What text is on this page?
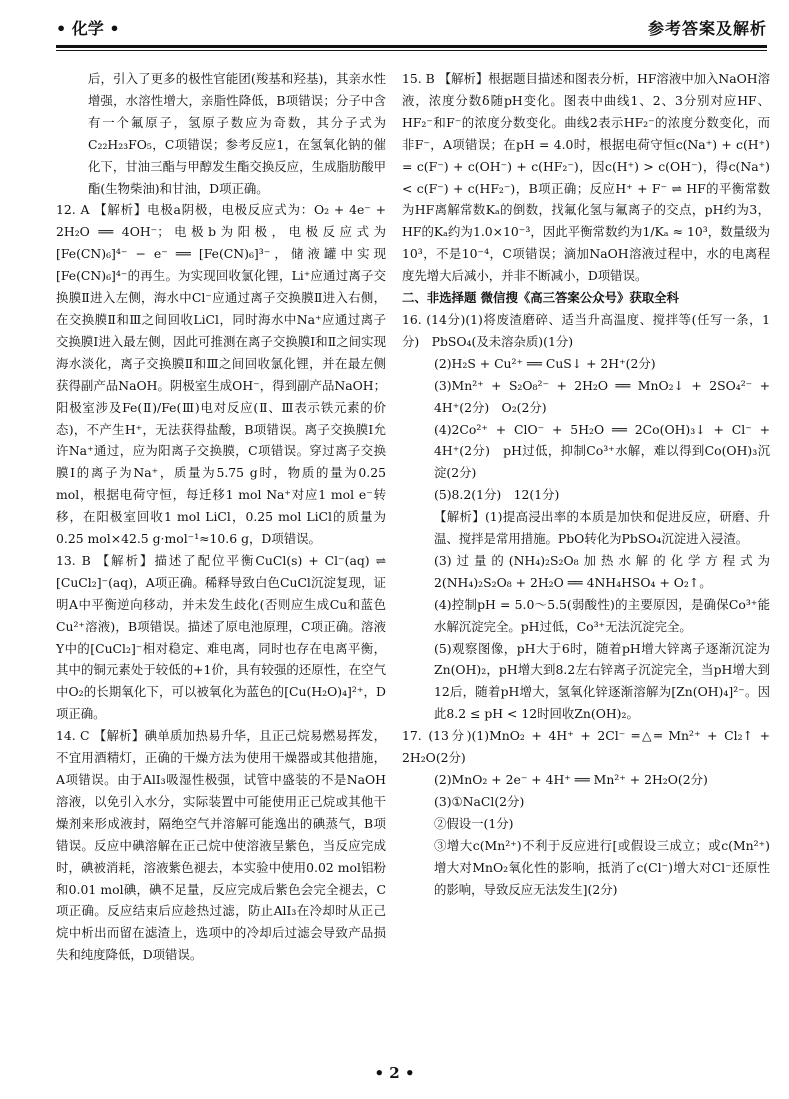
• 化学 •	参考答案及解析

后，引入了更多的极性官能团(羧基和羟基)，其亲水性增强，水溶性增大，亲脂性降低，B项错误；分子中含有一个氟原子，氢原子数应为奇数，其分子式为C₂₂H₂₃FO₅，C项错误；参考反应1，在氢氧化钠的催化下，甘油三酯与甲醇发生酯交换反应，生成脂肪酸甲酯(生物柴油)和甘油，D项正确。

12. A 【解析】电极a阴极，电极反应式为：O₂ + 4e⁻ + 2H₂O ══ 4OH⁻；电极b为阳极，电极反应式为[Fe(CN)₆]⁴⁻ − e⁻ ══ [Fe(CN)₆]³⁻，储液罐中实现[Fe(CN)₆]⁴⁻的再生。为实现回收氯化锂，Li⁺应通过离子交换膜Ⅱ进入左侧，海水中Cl⁻应通过离子交换膜Ⅱ进入右侧，在交换膜Ⅱ和Ⅲ之间回收LiCl，同时海水中Na⁺应通过离子交换膜Ⅰ进入最左侧，因此可推测在离子交换膜Ⅰ和Ⅱ之间实现海水淡化，离子交换膜Ⅱ和Ⅲ之间回收氯化锂，并在最左侧获得副产品NaOH。阴极室生成OH⁻，得到副产品NaOH；阳极室涉及Fe(Ⅱ)/Fe(Ⅲ)电对反应(Ⅱ、Ⅲ表示铁元素的价态)，不产生H⁺，无法获得盐酸，B项错误。离子交换膜Ⅰ允许Na⁺通过，应为阳离子交换膜，C项错误。穿过离子交换膜Ⅰ的离子为Na⁺，质量为5.75 g时，物质的量为0.25 mol，根据电荷守恒，每迁移1 mol Na⁺对应1 mol e⁻转移，在阳极室回收1 mol LiCl，0.25 mol LiCl的质量为0.25 mol×42.5 g·mol⁻¹≈10.6 g，D项错误。

13. B 【解析】描述了配位平衡CuCl(s) + Cl⁻(aq) ⇌ [CuCl₂]⁻(aq)，A项正确。稀释导致白色CuCl沉淀复现，证明A中平衡逆向移动，并未发生歧化(否则应生成Cu和蓝色Cu²⁺溶液)，B项错误。描述了原电池原理，C项正确。溶液Y中的[CuCl₂]⁻相对稳定、难电离，同时也存在电离平衡，其中的铜元素处于较低的+1价，具有较强的还原性，在空气中O₂的长期氧化下，可以被氧化为蓝色的[Cu(H₂O)₄]²⁺，D项正确。

14. C 【解析】碘单质加热易升华，且正己烷易燃易挥发，不宜用酒精灯，正确的干燥方法为使用干燥器或其他措施，A项错误。由于AlI₃吸湿性极强，试管中盛装的不是NaOH溶液，以免引入水分，实际装置中可能使用正己烷或其他干燥剂来形成液封，隔绝空气并溶解可能逸出的碘蒸气，B项错误。反应中碘溶解在正己烷中使溶液呈紫色，当反应完成时，碘被消耗，溶液紫色褪去，本实验中使用0.02 mol铝粉和0.01 mol碘，碘不足量，反应完成后紫色会完全褪去，C项正确。反应结束后应趁热过滤，防止AlI₃在冷却时从正己烷中析出而留在滤渣上，选项中的冷却后过滤会导致产品损失和纯度降低，D项错误。

15. B 【解析】根据题目描述和图表分析，HF溶液中加入NaOH溶液，浓度分数δ随pH变化。图表中曲线1、2、3分别对应HF、HF₂⁻和F⁻的浓度分数变化。曲线2表示HF₂⁻的浓度分数变化，而非F⁻，A项错误；在pH = 4.0时，根据电荷守恒c(Na⁺) + c(H⁺) = c(F⁻) + c(OH⁻) + c(HF₂⁻)，因c(H⁺) > c(OH⁻)，得c(Na⁺) < c(F⁻) + c(HF₂⁻)，B项正确；反应H⁺ + F⁻ ⇌ HF的平衡常数为HF离解常数Kₐ的倒数，找氟化氢与氟离子的交点，pH约为3，HF的Kₐ约为1.0×10⁻³，因此平衡常数约为1/Kₐ ≈ 10³，数量级为10³，不是10⁻⁴，C项错误；滴加NaOH溶液过程中，水的电离程度先增大后减小，并非不断减小，D项错误。

二、非选择题 微信搜《高三答案公众号》获取全科

16. (14分)(1)将废渣磨碎、适当升高温度、搅拌等(任写一条，1分)　PbSO₄(及未溶杂质)(1分)

(2)H₂S + Cu²⁺ ══ CuS↓ + 2H⁺(2分)

(3)Mn²⁺ + S₂O₈²⁻ + 2H₂O ══ MnO₂↓ + 2SO₄²⁻ + 4H⁺(2分)　O₂(2分)

(4)2Co²⁺ + ClO⁻ + 5H₂O ══ 2Co(OH)₃↓ + Cl⁻ + 4H⁺(2分)　pH过低，抑制Co³⁺水解，难以得到Co(OH)₃沉淀(2分)

(5)8.2(1分)　12(1分)

【解析】(1)提高浸出率的本质是加快和促进反应，研磨、升温、搅拌是常用措施。PbO转化为PbSO₄沉淀进入浸渣。

(3)过量的(NH₄)₂S₂O₈加热水解的化学方程式为2(NH₄)₂S₂O₈ + 2H₂O ══ 4NH₄HSO₄ + O₂↑。

(4)控制pH = 5.0～5.5(弱酸性)的主要原因，是确保Co³⁺能水解沉淀完全。pH过低，Co³⁺无法沉淀完全。

(5)观察图像，pH大于6时，随着pH增大锌离子逐渐沉淀为Zn(OH)₂，pH增大到8.2左右锌离子沉淀完全，当pH增大到12后，随着pH增大，氢氧化锌逐渐溶解为[Zn(OH)₄]²⁻。因此8.2 ≤ pH < 12时回收Zn(OH)₂。

17. (13分)(1)MnO₂ + 4H⁺ + 2Cl⁻ ═△═ Mn²⁺ + Cl₂↑ + 2H₂O(2分)

(2)MnO₂ + 2e⁻ + 4H⁺ ══ Mn²⁺ + 2H₂O(2分)

(3)①NaCl(2分)

②假设一(1分)

③增大c(Mn²⁺)不利于反应进行[或假设三成立；或c(Mn²⁺)增大对MnO₂氧化性的影响，抵消了c(Cl⁻)增大对Cl⁻还原性的影响，导致反应无法发生](2分)

• 2 •
